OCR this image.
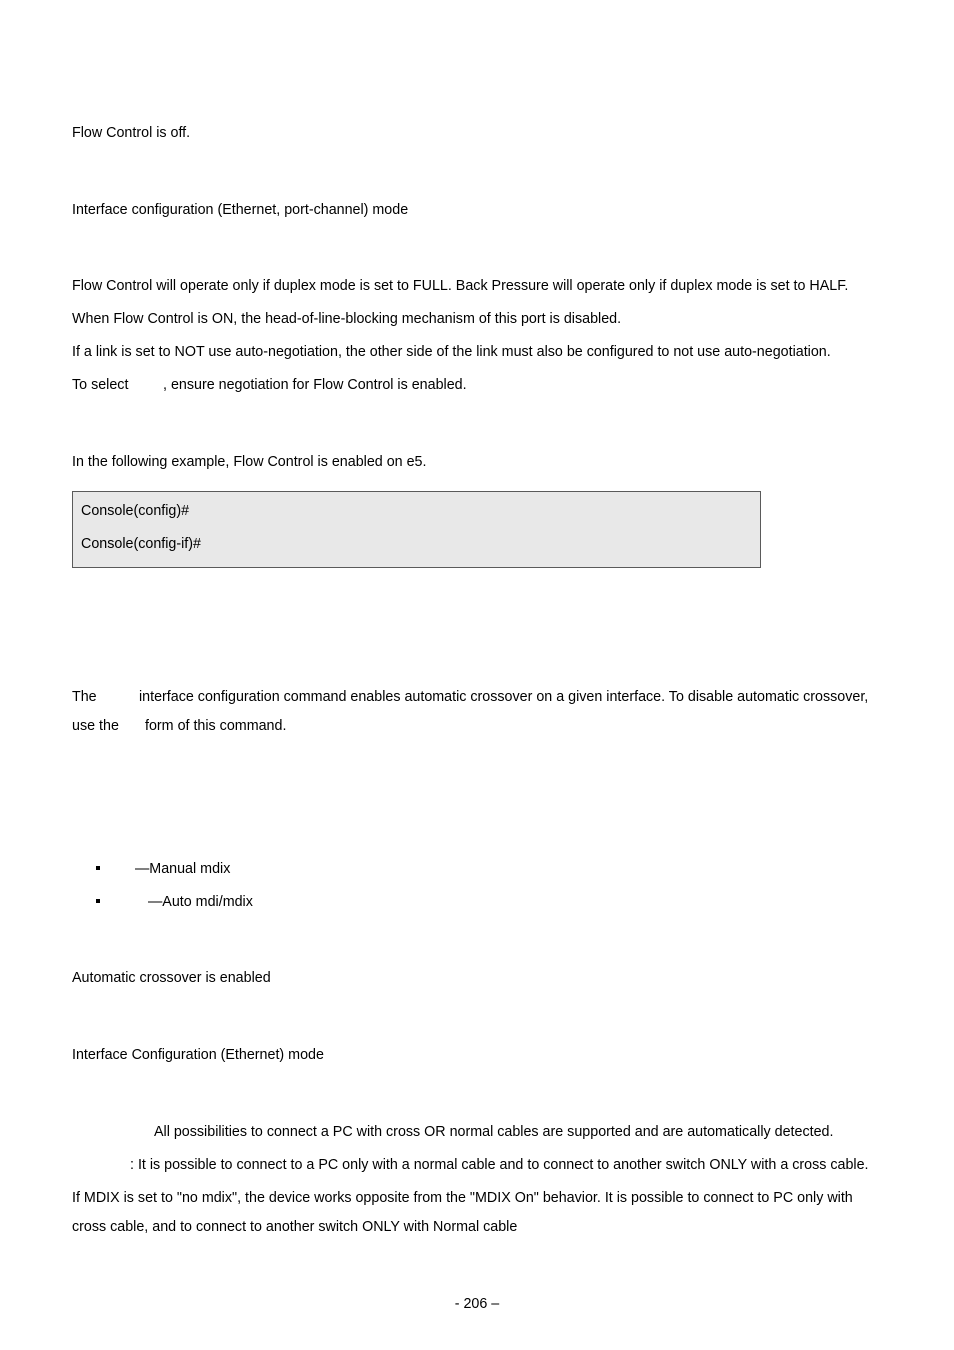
Flow Control is off.
Interface configuration (Ethernet, port-channel) mode
Flow Control will operate only if duplex mode is set to FULL. Back Pressure will operate only if duplex mode is set to HALF.
When Flow Control is ON, the head-of-line-blocking mechanism of this port is disabled.
If a link is set to NOT use auto-negotiation, the other side of the link must also be configured to not use auto-negotiation.
To select , ensure negotiation for Flow Control is enabled.
In the following example, Flow Control is enabled on e5.
Console(config)#
Console(config-if)#
The	interface configuration command enables automatic crossover on a given interface. To disable automatic crossover,
use the form of this command.
—Manual mdix
—Auto mdi/mdix
Automatic crossover is enabled
Interface Configuration (Ethernet) mode
All possibilities to connect a PC with cross OR normal cables are supported and are automatically detected.
: It is possible to connect to a PC only with a normal cable and to connect to another switch ONLY with a cross cable.
If MDIX is set to "no mdix", the device works opposite from the "MDIX On" behavior. It is possible to connect to PC only with
cross cable, and to connect to another switch ONLY with Normal cable
- 206 –
